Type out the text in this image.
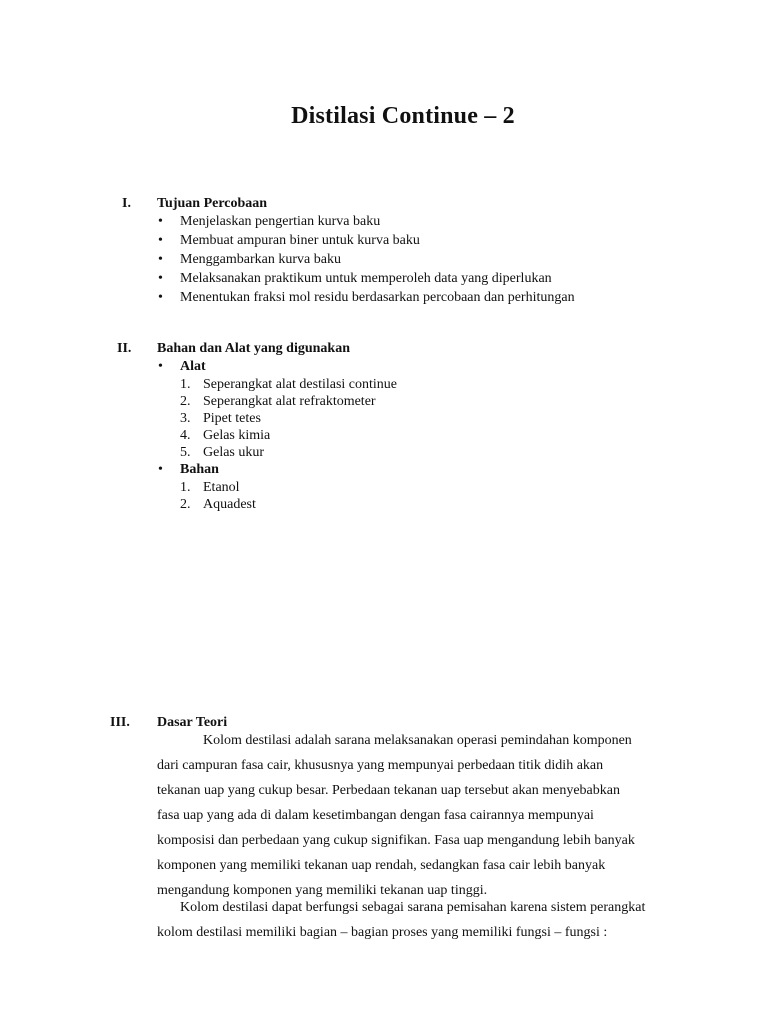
Distilasi Continue – 2
I.	Tujuan Percobaan
• Menjelaskan pengertian kurva baku
• Membuat ampuran biner untuk kurva baku
• Menggambarkan kurva baku
• Melaksanakan praktikum untuk memperoleh data yang diperlukan
• Menentukan fraksi mol residu berdasarkan percobaan dan perhitungan
II.	Bahan dan Alat yang digunakan
• Alat
1. Seperangkat alat destilasi continue
2. Seperangkat alat refraktometer
3. Pipet tetes
4. Gelas kimia
5. Gelas ukur
• Bahan
1. Etanol
2. Aquadest
III.	Dasar Teori
Kolom destilasi adalah sarana melaksanakan operasi pemindahan komponen
dari campuran fasa cair, khususnya yang mempunyai perbedaan titik didih akan
tekanan uap yang cukup besar. Perbedaan tekanan uap tersebut akan menyebabkan
fasa uap yang ada di dalam kesetimbangan dengan fasa cairannya mempunyai
komposisi dan perbedaan yang cukup signifikan. Fasa uap mengandung lebih banyak
komponen yang memiliki tekanan uap rendah, sedangkan fasa cair lebih banyak
mengandung komponen yang memiliki tekanan uap tinggi.
Kolom destilasi dapat berfungsi sebagai sarana pemisahan karena sistem perangkat
kolom destilasi memiliki bagian – bagian proses yang memiliki fungsi – fungsi :
